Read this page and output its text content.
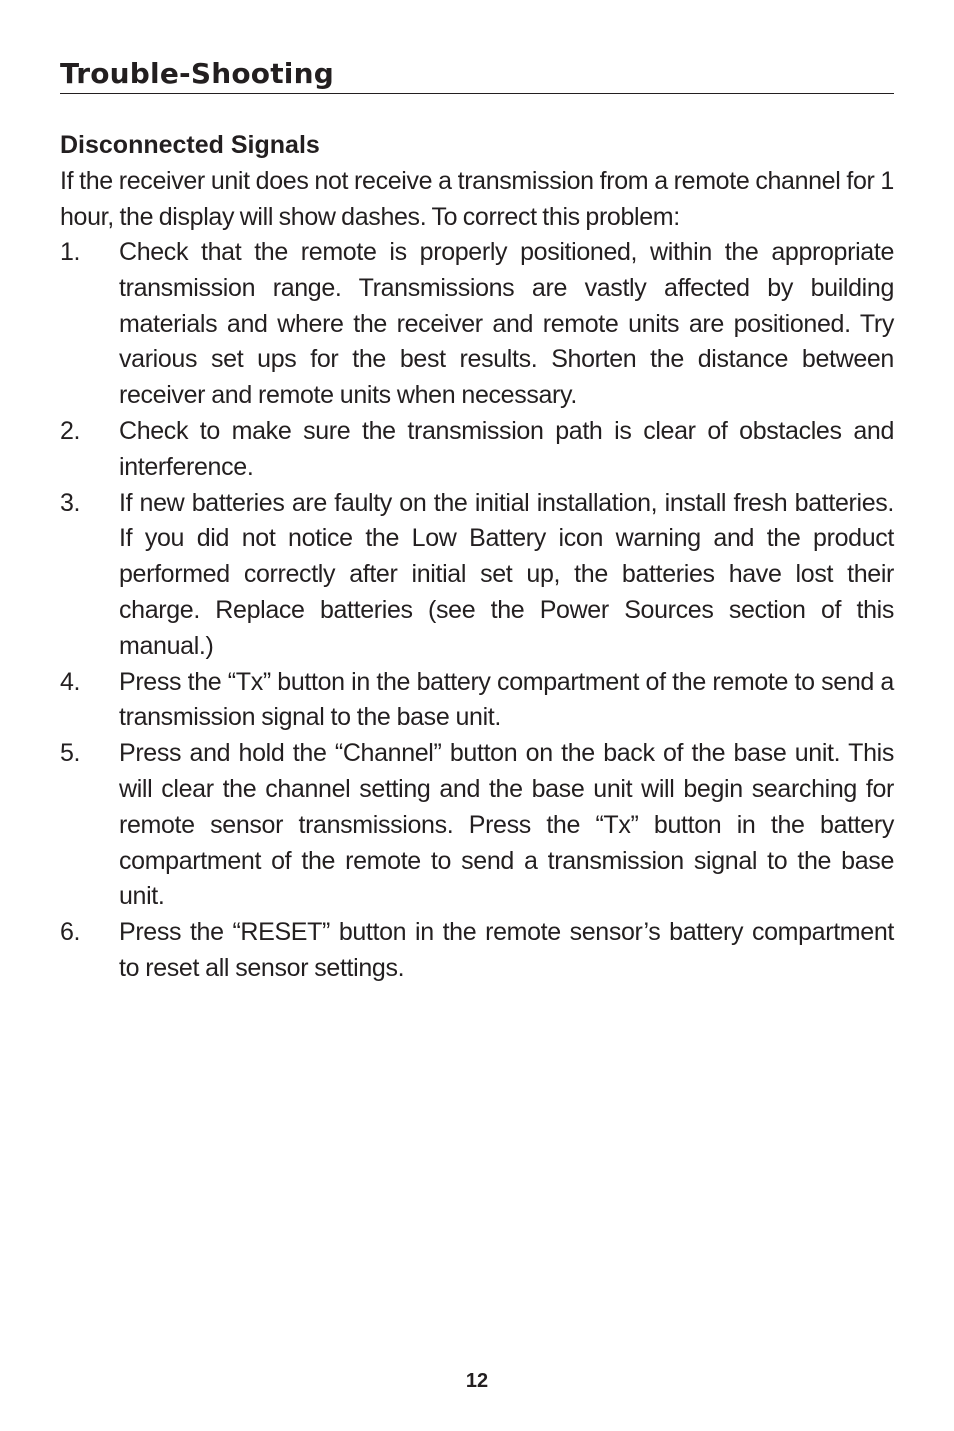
Trouble-Shooting
Disconnected Signals

If the receiver unit does not receive a transmission from a remote channel for 1 hour, the display will show dashes. To correct this problem:

1.	Check that the remote is properly positioned, within the appropriate transmission range. Transmissions are vastly affected by building materials and where the receiver and remote units are positioned. Try various set ups for the best results. Shorten the distance between receiver and remote units when necessary.
2.	Check to make sure the transmission path is clear of obstacles and interference.
3.	If new batteries are faulty on the initial installation, install fresh batteries. If you did not notice the Low Battery icon warning and the product performed correctly after initial set up, the batteries have lost their charge. Replace batteries (see the Power Sources section of this manual.)
4.	Press the “Tx” button in the battery compartment of the remote to send a transmission signal to the base unit.
5.	Press and hold the “Channel” button on the back of the base unit. This will clear the channel setting and the base unit will begin searching for remote sensor transmissions. Press the “Tx” button in the battery compartment of the remote to send a transmission signal to the base unit.
6.	Press the “RESET” button in the remote sensor’s battery compartment to reset all sensor settings.
12
